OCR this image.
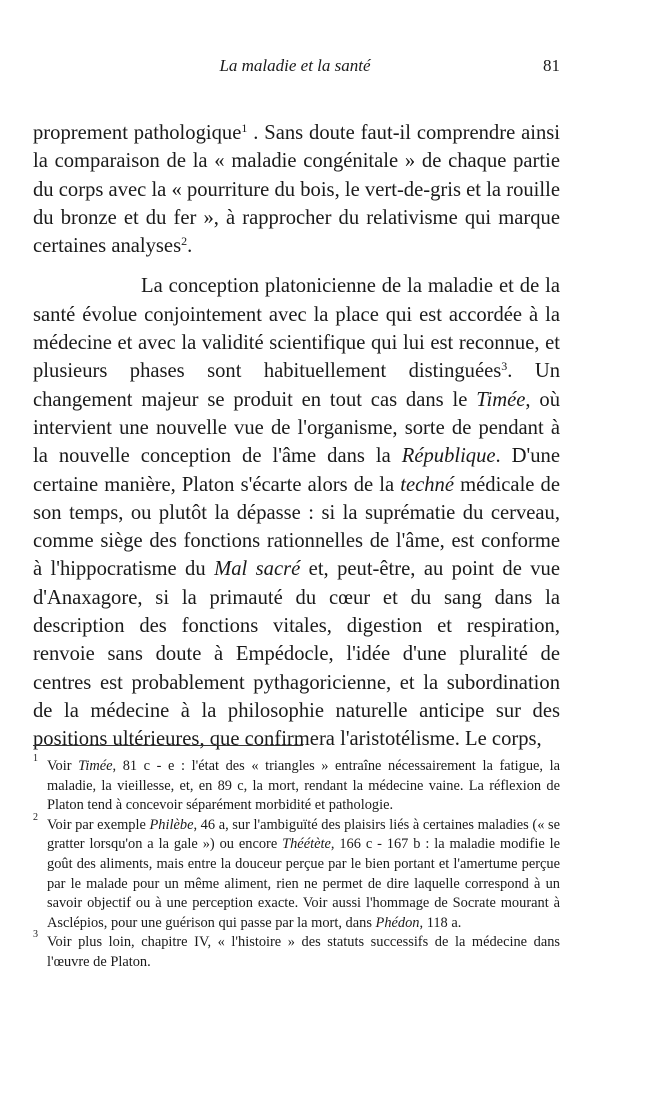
La maladie et la santé	81

proprement pathologique$^1$ . Sans doute faut-il comprendre ainsi la comparaison de la « maladie congénitale » de chaque partie du corps avec la « pourriture du bois, le vert-de-gris et la rouille du bronze et du fer », à rapprocher du relativisme qui marque certaines analyses$^2$.

La conception platonicienne de la maladie et de la santé évolue conjointement avec la place qui est accordée à la médecine et avec la validité scientifique qui lui est reconnue, et plusieurs phases sont habituellement distinguées$^3$. Un changement majeur se produit en tout cas dans le Timée, où intervient une nouvelle vue de l'organisme, sorte de pendant à la nouvelle conception de l'âme dans la République. D'une certaine manière, Platon s'écarte alors de la techné médicale de son temps, ou plutôt la dépasse : si la suprématie du cerveau, comme siège des fonctions rationnelles de l'âme, est conforme à l'hippocratisme du Mal sacré et, peut-être, au point de vue d'Anaxagore, si la primauté du cœur et du sang dans la description des fonctions vitales, digestion et respiration, renvoie sans doute à Empédocle, l'idée d'une pluralité de centres est probablement pythagoricienne, et la subordination de la médecine à la philosophie naturelle anticipe sur des positions ultérieures, que confirmera l'aristotélisme. Le corps,

1 Voir Timée, 81 c - e : l'état des « triangles » entraîne nécessairement la fatigue, la maladie, la vieillesse, et, en 89 c, la mort, rendant la médecine vaine. La réflexion de Platon tend à concevoir séparément morbidité et pathologie.

2 Voir par exemple Philèbe, 46 a, sur l'ambiguïté des plaisirs liés à certaines maladies (« se gratter lorsqu'on a la gale ») ou encore Théétète, 166 c - 167 b : la maladie modifie le goût des aliments, mais entre la douceur perçue par le bien portant et l'amertume perçue par le malade pour un même aliment, rien ne permet de dire laquelle correspond à un savoir objectif ou à une perception exacte. Voir aussi l'hommage de Socrate mourant à Asclépios, pour une guérison qui passe par la mort, dans Phédon, 118 a.

3 Voir plus loin, chapitre IV, « l'histoire » des statuts successifs de la médecine dans l'œuvre de Platon.
